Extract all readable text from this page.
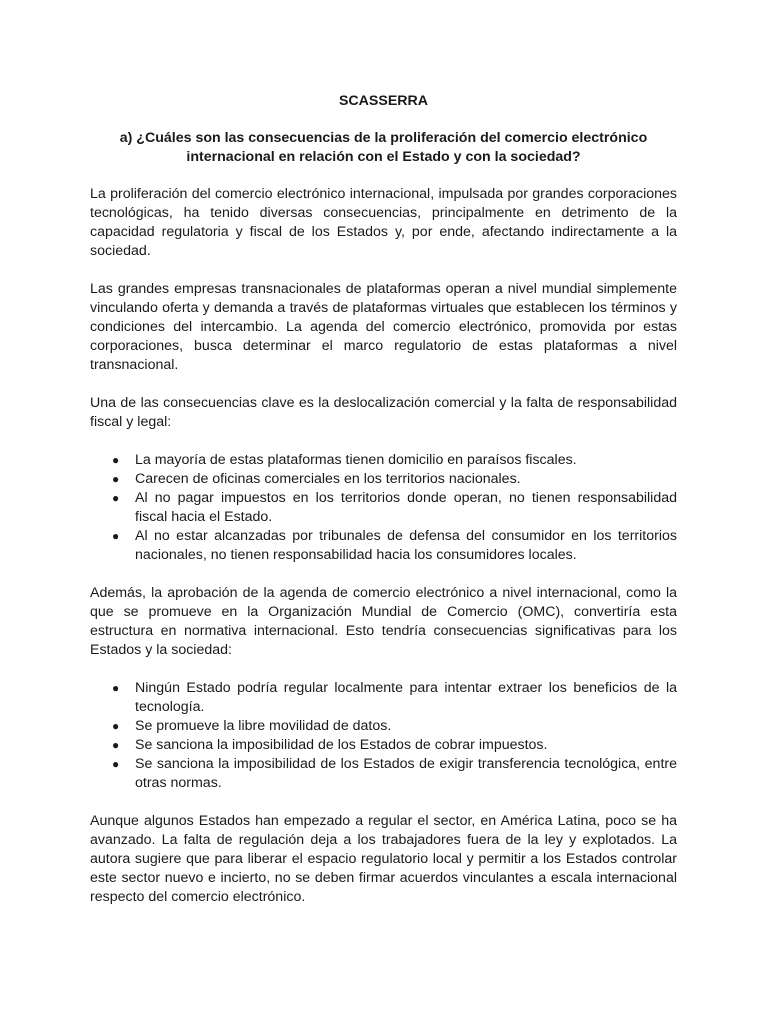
SCASSERRA
a) ¿Cuáles son las consecuencias de la proliferación del comercio electrónico internacional en relación con el Estado y con la sociedad?

La proliferación del comercio electrónico internacional, impulsada por grandes corporaciones tecnológicas, ha tenido diversas consecuencias, principalmente en detrimento de la capacidad regulatoria y fiscal de los Estados y, por ende, afectando indirectamente a la sociedad.

Las grandes empresas transnacionales de plataformas operan a nivel mundial simplemente vinculando oferta y demanda a través de plataformas virtuales que establecen los términos y condiciones del intercambio. La agenda del comercio electrónico, promovida por estas corporaciones, busca determinar el marco regulatorio de estas plataformas a nivel transnacional.

Una de las consecuencias clave es la deslocalización comercial y la falta de responsabilidad fiscal y legal:

● La mayoría de estas plataformas tienen domicilio en paraísos fiscales.
● Carecen de oficinas comerciales en los territorios nacionales.
● Al no pagar impuestos en los territorios donde operan, no tienen responsabilidad fiscal hacia el Estado.
● Al no estar alcanzadas por tribunales de defensa del consumidor en los territorios nacionales, no tienen responsabilidad hacia los consumidores locales.

Además, la aprobación de la agenda de comercio electrónico a nivel internacional, como la que se promueve en la Organización Mundial de Comercio (OMC), convertiría esta estructura en normativa internacional. Esto tendría consecuencias significativas para los Estados y la sociedad:

● Ningún Estado podría regular localmente para intentar extraer los beneficios de la tecnología.
● Se promueve la libre movilidad de datos.
● Se sanciona la imposibilidad de los Estados de cobrar impuestos.
● Se sanciona la imposibilidad de los Estados de exigir transferencia tecnológica, entre otras normas.

Aunque algunos Estados han empezado a regular el sector, en América Latina, poco se ha avanzado. La falta de regulación deja a los trabajadores fuera de la ley y explotados. La autora sugiere que para liberar el espacio regulatorio local y permitir a los Estados controlar este sector nuevo e incierto, no se deben firmar acuerdos vinculantes a escala internacional respecto del comercio electrónico.
